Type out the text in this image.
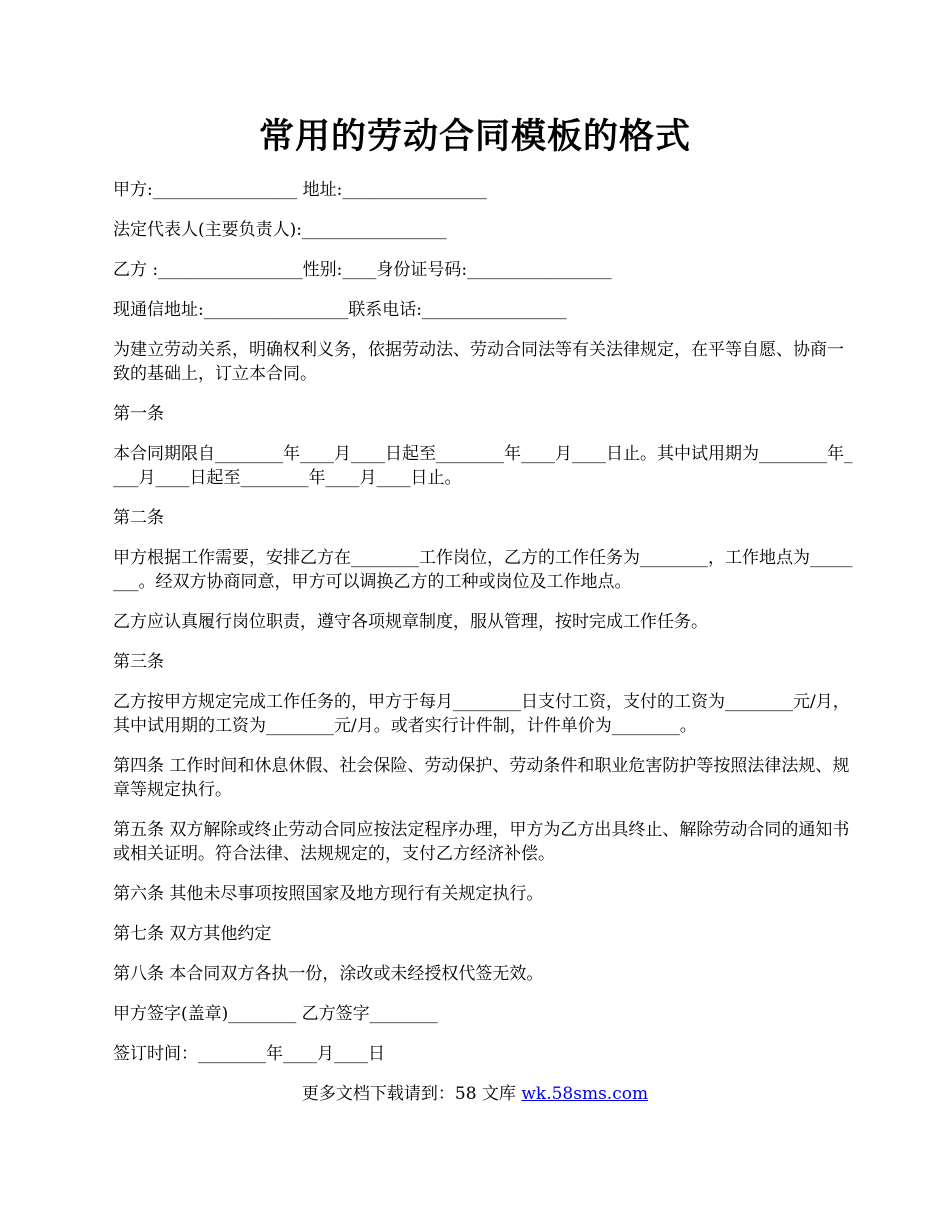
常用的劳动合同模板的格式

甲方:_________________ 地址:_________________

法定代表人(主要负责人):_________________

乙方 :_________________性别:____身份证号码:_________________

现通信地址:_________________联系电话:_________________

为建立劳动关系，明确权利义务，依据劳动法、劳动合同法等有关法律规定，在平等自愿、协商一致的基础上，订立本合同。

第一条

本合同期限自________年____月____日起至________年____月____日止。其中试用期为________年____月____日起至________年____月____日止。

第二条

甲方根据工作需要，安排乙方在________工作岗位，乙方的工作任务为________，工作地点为________。经双方协商同意，甲方可以调换乙方的工种或岗位及工作地点。

乙方应认真履行岗位职责，遵守各项规章制度，服从管理，按时完成工作任务。

第三条

乙方按甲方规定完成工作任务的，甲方于每月________日支付工资，支付的工资为________元/月，其中试用期的工资为________元/月。或者实行计件制，计件单价为________。

第四条 工作时间和休息休假、社会保险、劳动保护、劳动条件和职业危害防护等按照法律法规、规章等规定执行。

第五条 双方解除或终止劳动合同应按法定程序办理，甲方为乙方出具终止、解除劳动合同的通知书或相关证明。符合法律、法规规定的，支付乙方经济补偿。

第六条 其他未尽事项按照国家及地方现行有关规定执行。

第七条 双方其他约定

第八条 本合同双方各执一份，涂改或未经授权代签无效。

甲方签字(盖章)________ 乙方签字________

签订时间：________年____月____日

更多文档下载请到：58 文库 wk.58sms.com
